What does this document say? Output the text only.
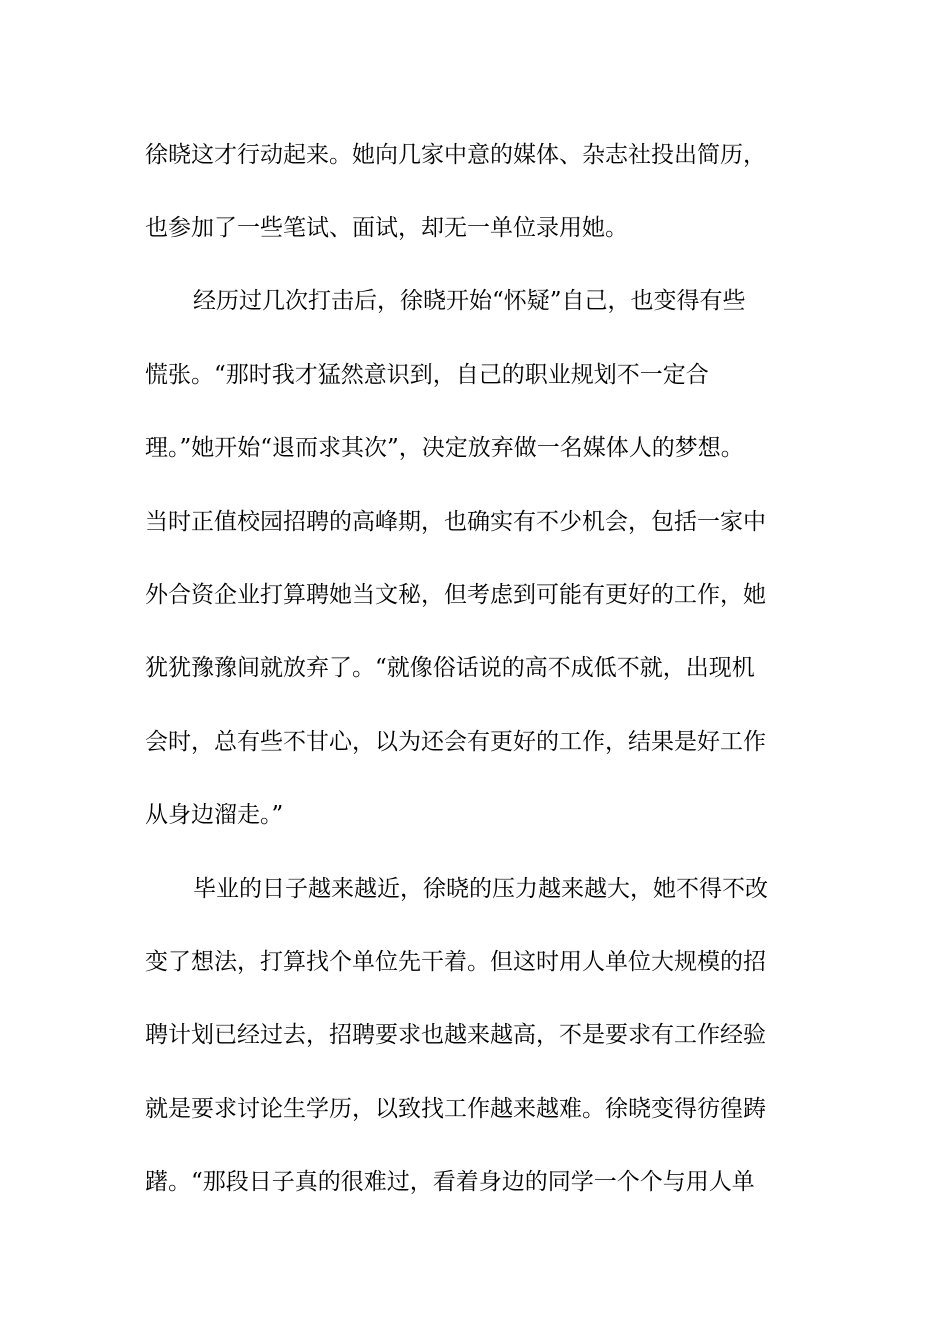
徐晓这才行动起来。她向几家中意的媒体、杂志社投出简历，
也参加了一些笔试、面试，却无一单位录用她。
经历过几次打击后，徐晓开始“怀疑”自己，也变得有些
慌张。“那时我才猛然意识到，自己的职业规划不一定合
理。”她开始“退而求其次”，决定放弃做一名媒体人的梦想。
当时正值校园招聘的高峰期，也确实有不少机会，包括一家中
外合资企业打算聘她当文秘，但考虑到可能有更好的工作，她
犹犹豫豫间就放弃了。“就像俗话说的高不成低不就，出现机
会时，总有些不甘心，以为还会有更好的工作，结果是好工作
从身边溜走。”
毕业的日子越来越近，徐晓的压力越来越大，她不得不改
变了想法，打算找个单位先干着。但这时用人单位大规模的招
聘计划已经过去，招聘要求也越来越高，不是要求有工作经验
就是要求讨论生学历，以致找工作越来越难。徐晓变得彷徨踌
躇。“那段日子真的很难过，看着身边的同学一个个与用人单
